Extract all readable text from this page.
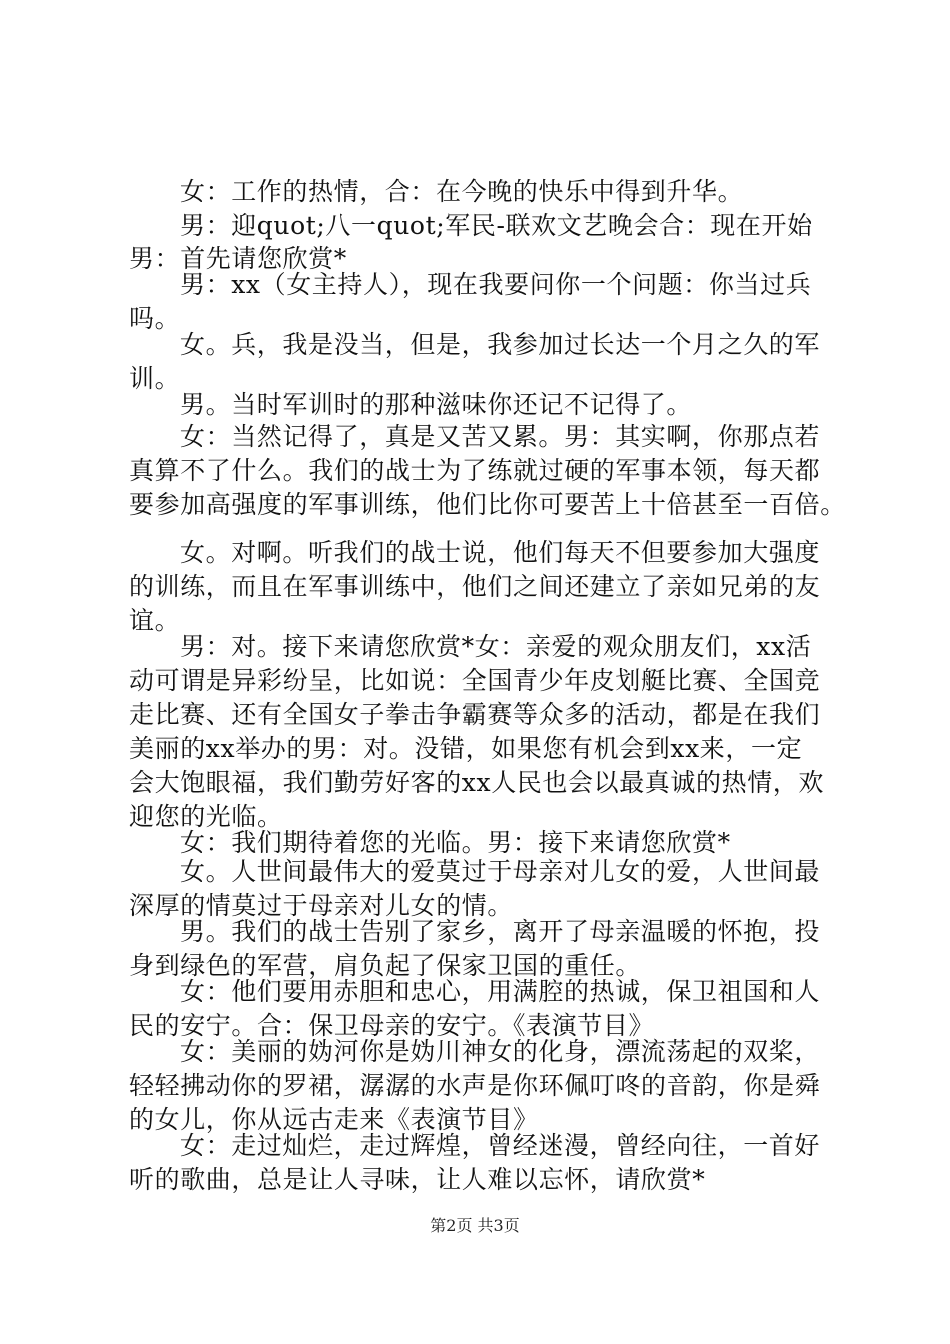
女：工作的热情，合：在今晚的快乐中得到升华。
男：迎quot;八一quot;军民-联欢文艺晚会合：现在开始
男：首先请您欣赏*
男：xx（女主持人），现在我要问你一个问题：你当过兵
吗。
女。兵，我是没当，但是，我参加过长达一个月之久的军
训。
男。当时军训时的那种滋味你还记不记得了。
女：当然记得了，真是又苦又累。男：其实啊，你那点若
真算不了什么。我们的战士为了练就过硬的军事本领，每天都
要参加高强度的军事训练，他们比你可要苦上十倍甚至一百倍。
女。对啊。听我们的战士说，他们每天不但要参加大强度
的训练，而且在军事训练中，他们之间还建立了亲如兄弟的友
谊。
男：对。接下来请您欣赏*女：亲爱的观众朋友们，xx活
动可谓是异彩纷呈，比如说：全国青少年皮划艇比赛、全国竞
走比赛、还有全国女子拳击争霸赛等众多的活动，都是在我们
美丽的xx举办的男：对。没错，如果您有机会到xx来，一定
会大饱眼福，我们勤劳好客的xx人民也会以最真诚的热情，欢
迎您的光临。
女：我们期待着您的光临。男：接下来请您欣赏*
女。人世间最伟大的爱莫过于母亲对儿女的爱，人世间最
深厚的情莫过于母亲对儿女的情。
男。我们的战士告别了家乡，离开了母亲温暖的怀抱，投
身到绿色的军营，肩负起了保家卫国的重任。
女：他们要用赤胆和忠心，用满腔的热诚，保卫祖国和人
民的安宁。合：保卫母亲的安宁。《表演节目》
女：美丽的妫河你是妫川神女的化身，漂流荡起的双桨，
轻轻拂动你的罗裙，潺潺的水声是你环佩叮咚的音韵，你是舜
的女儿，你从远古走来《表演节目》
女：走过灿烂，走过辉煌，曾经迷漫，曾经向往，一首好
听的歌曲，总是让人寻味，让人难以忘怀，请欣赏*
第2页 共3页
